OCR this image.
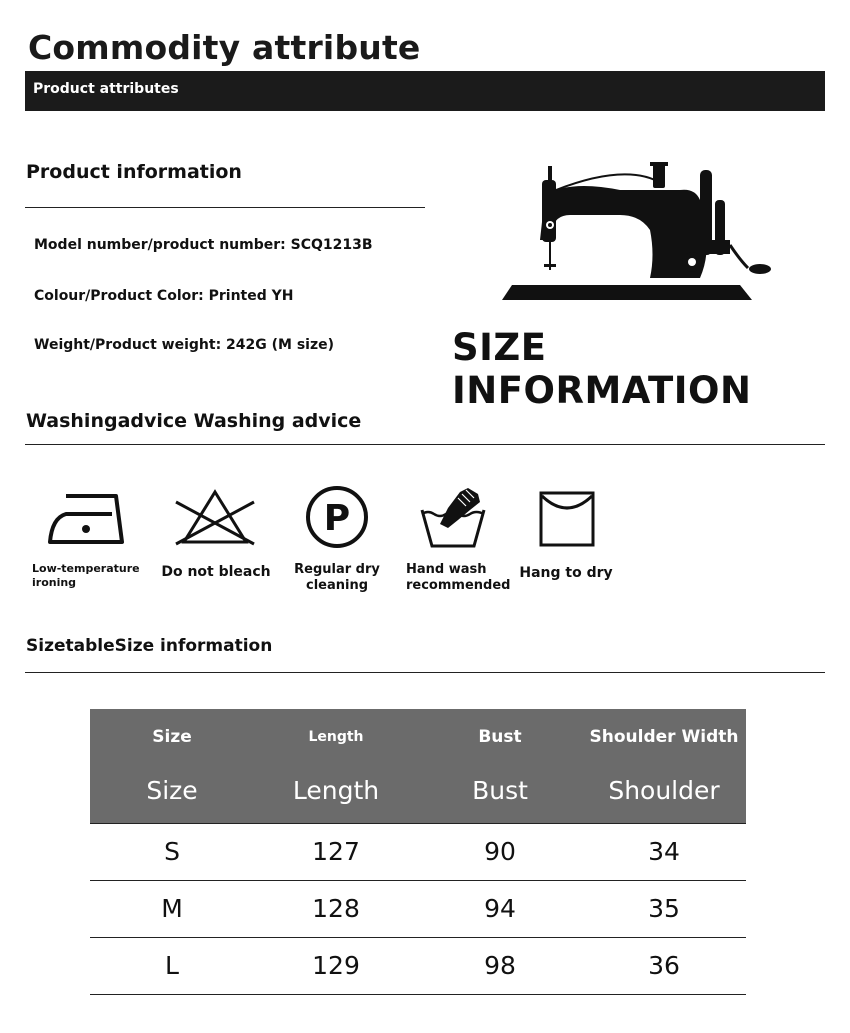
Commodity attribute
Product attributes
Product information
Model number/product number: SCQ1213B
Colour/Product Color: Printed YH
Weight/Product weight: 242G (M size)	SIZE INFORMATION
Washingadvice Washing advice
Low-temperature
ironing
Do not bleach
P
Regular dry
cleaning
Hand wash
recommended
Hang to dry
SizetableSize information
Size	Length	Bust	Shoulder Width
Size	Length	Bust	Shoulder
S	127	90	34
M	128	94	35
L	129	98	36
